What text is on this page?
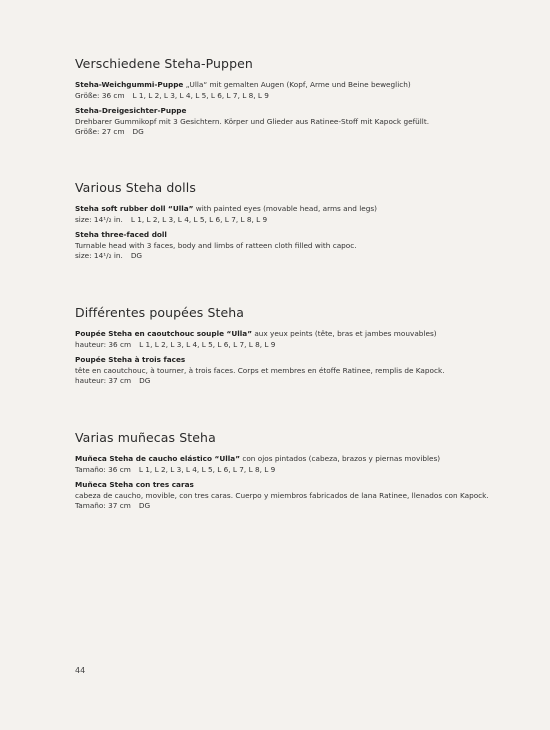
Verschiedene Steha-Puppen
Steha-Weichgummi-Puppe „Ulla“ mit gemalten Augen (Kopf, Arme und Beine beweglich)
Größe: 36 cm L 1, L 2, L 3, L 4, L 5, L 6, L 7, L 8, L 9
Steha-Dreigesichter-Puppe
Drehbarer Gummikopf mit 3 Gesichtern. Körper und Glieder aus Ratinee-Stoff mit Kapock gefüllt.
Größe: 27 cm DG
Various Steha dolls
Steha soft rubber doll “Ulla” with painted eyes (movable head, arms and legs)
size: 14¹/₂ in. L 1, L 2, L 3, L 4, L 5, L 6, L 7, L 8, L 9
Steha three-faced doll
Turnable head with 3 faces, body and limbs of ratteen cloth filled with capoc.
size: 14¹/₂ in. DG
Différentes poupées Steha
Poupée Steha en caoutchouc souple “Ulla” aux yeux peints (tête, bras et jambes mouvables)
hauteur: 36 cm L 1, L 2, L 3, L 4, L 5, L 6, L 7, L 8, L 9
Poupée Steha à trois faces
tête en caoutchouc, à tourner, à trois faces. Corps et membres en étoffe Ratinee, remplis de Kapock.
hauteur: 37 cm DG
Varias muñecas Steha
Muñeca Steha de caucho elástico “Ulla” con ojos pintados (cabeza, brazos y piernas movibles)
Tamaño: 36 cm L 1, L 2, L 3, L 4, L 5, L 6, L 7, L 8, L 9
Muñeca Steha con tres caras
cabeza de caucho, movible, con tres caras. Cuerpo y miembros fabricados de lana Ratinee, llenados con Kapock.
Tamaño: 37 cm DG
44
